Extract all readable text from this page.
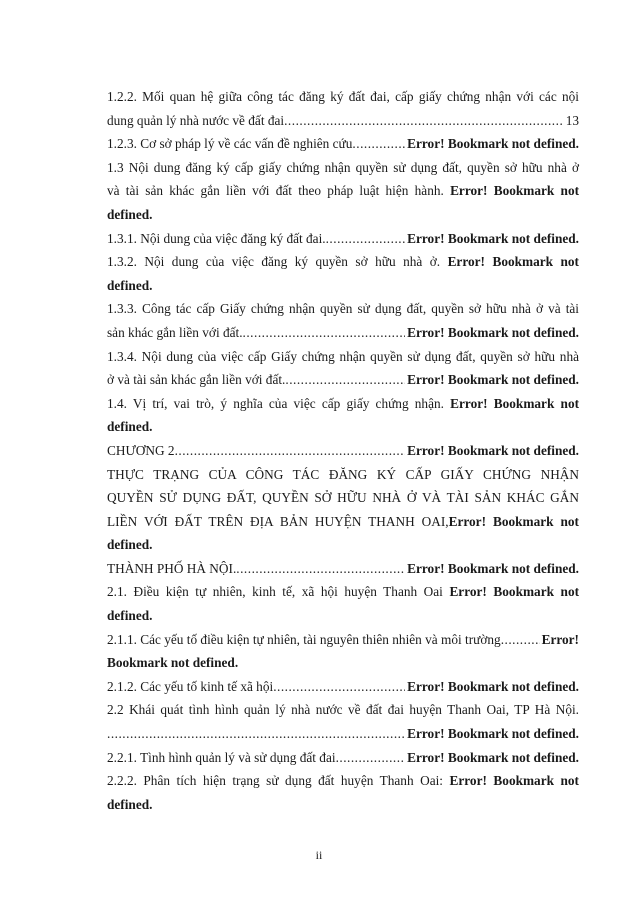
1.2.2. Mối quan hệ giữa công tác đăng ký đất đai, cấp giấy chứng nhận với các nội
dung quản lý nhà nước về đất đai .....	13
1.2.3. Cơ sở pháp lý về các vấn đề nghiên cứu .....	Error! Bookmark not defined.
1.3 Nội dung đăng ký cấp giấy chứng nhận quyền sử dụng đất, quyền sở hữu nhà ở
và tài sản khác gắn liền với đất theo pháp luật hiện hành. Error! Bookmark not
defined.
1.3.1. Nội dung của việc đăng ký đất đai. .....	Error! Bookmark not defined.
1.3.2. Nội dung của việc đăng ký quyền sở hữu nhà ở. Error! Bookmark not
defined.
1.3.3. Công tác cấp Giấy chứng nhận quyền sử dụng đất, quyền sở hữu nhà ở và tài
sản khác gắn liền với đất. .....	Error! Bookmark not defined.
1.3.4. Nội dung của việc cấp Giấy chứng nhận quyền sử dụng đất, quyền sở hữu nhà
ở và tài sản khác gắn liền với đất. .....	Error! Bookmark not defined.
1.4. Vị trí, vai trò, ý nghĩa của việc cấp giấy chứng nhận. Error! Bookmark not
defined.
CHƯƠNG 2 .....	Error! Bookmark not defined.
THỰC TRẠNG CỦA CÔNG TÁC ĐĂNG KÝ CẤP GIẤY CHỨNG NHẬN
QUYỀN SỬ DỤNG ĐẤT, QUYỀN SỞ HỮU NHÀ Ở VÀ TÀI SẢN KHÁC GẮN
LIỀN VỚI ĐẤT TRÊN ĐỊA BẢN HUYỆN THANH OAI,Error! Bookmark not
defined.
THÀNH PHỐ HÀ NỘI. .....	Error! Bookmark not defined.
2.1. Điều kiện tự nhiên, kinh tế, xã hội huyện Thanh Oai Error! Bookmark not
defined.
2.1.1. Các yếu tố điều kiện tự nhiên, tài nguyên thiên nhiên và môi trường .....	Error!
Bookmark not defined.
2.1.2. Các yếu tố kinh tế xã hội .....	Error! Bookmark not defined.
2.2 Khái quát tình hình quản lý nhà nước về đất đai huyện Thanh Oai, TP Hà Nội.
.....
Error! Bookmark not defined.
2.2.1. Tình hình quản lý và sử dụng đất đai .....	Error! Bookmark not defined.
2.2.2. Phân tích hiện trạng sử dụng đất huyện Thanh Oai: Error! Bookmark not
defined.
ii
